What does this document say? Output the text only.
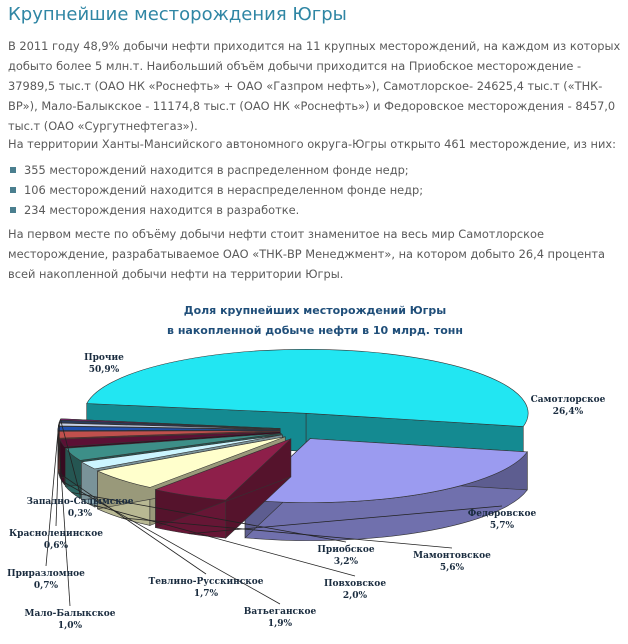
Крупнейшие месторождения Югры

В 2011 году 48,9% добычи нефти приходится на 11 крупных месторождений, на каждом из которых добыто более 5 млн.т. Наибольший объём добычи приходится на Приобское месторождение - 37989,5 тыс.т (ОАО НК «Роснефть» + ОАО «Газпром нефть»), Самотлорское- 24625,4 тыс.т («ТНК-ВР»), Мало-Балыкское - 11174,8 тыс.т (ОАО НК «Роснефть») и Федоровское месторождения - 8457,0 тыс.т (ОАО «Сургутнефтегаз»).

На территории Ханты-Мансийского автономного округа-Югры открыто 461 месторождение, из них:

355 месторождений находится в распределенном фонде недр;
106 месторождений находится в нераспределенном фонде недр;
234 месторождения находится в разработке.

На первом месте по объёму добычи нефти стоит знаменитое на весь мир Самотлорское месторождение, разрабатываемое ОАО «ТНК-ВР Менеджмент», на котором добыто 26,4 процента всей накопленной добычи нефти на территории Югры.

Доля крупнейших месторождений Югры
в накопленной добыче нефти в 10 млрд. тонн
Самотлорское
26,4%
Федоровское
5,7%
Мамонтовское
5,6%
Повховское
2,0%
Приобское
3,2%
Ватьеганское
1,9%
Тевлино-Русскинское
1,7%
Мало-Балыкское
1,0%
Приразломное
0,7%
Красноленинское
0,6%
Западно-Салымское
0,3%
Прочие
50,9%
